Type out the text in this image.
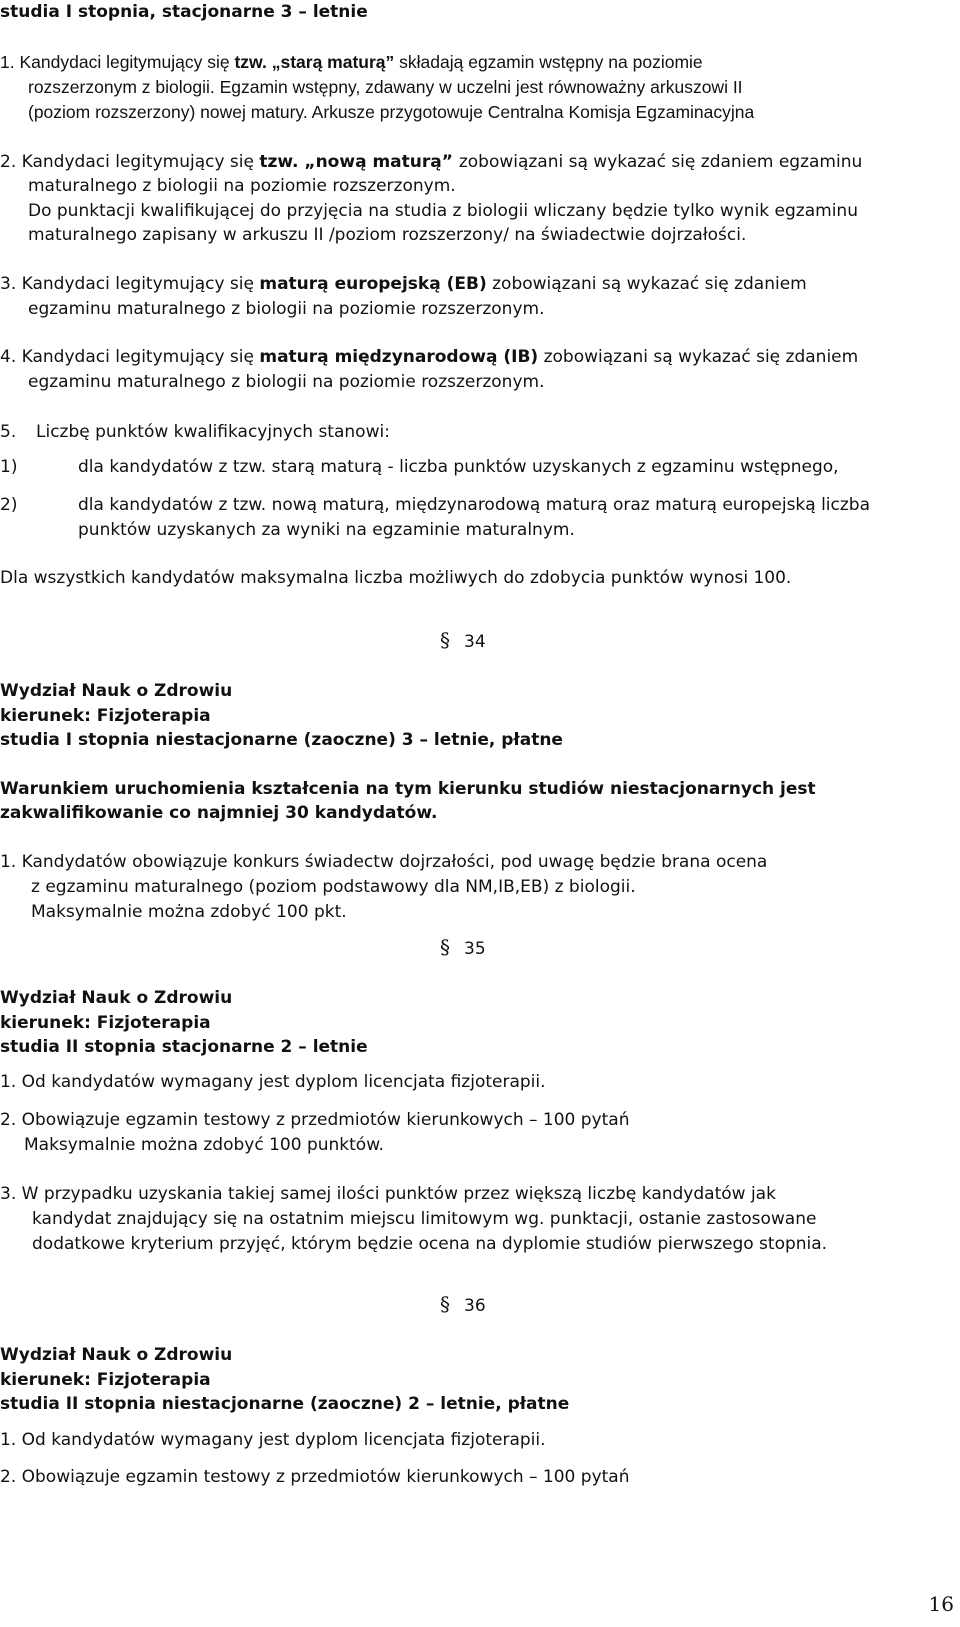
studia I stopnia, stacjonarne 3 – letnie
1. Kandydaci legitymujący się tzw. „starą maturą” składają egzamin wstępny na poziomie
rozszerzonym z biologii. Egzamin wstępny, zdawany w uczelni jest równoważny arkuszowi II
(poziom rozszerzony) nowej matury. Arkusze przygotowuje Centralna Komisja Egzaminacyjna
2. Kandydaci legitymujący się tzw. „nową maturą” zobowiązani są wykazać się zdaniem egzaminu
maturalnego z biologii na poziomie rozszerzonym.
Do punktacji kwalifikującej do przyjęcia na studia z biologii wliczany będzie tylko wynik egzaminu
maturalnego zapisany w arkuszu II /poziom rozszerzony/ na świadectwie dojrzałości.
3. Kandydaci legitymujący się maturą europejską (EB) zobowiązani są wykazać się zdaniem
egzaminu maturalnego z biologii na poziomie rozszerzonym.
4. Kandydaci legitymujący się maturą międzynarodową (IB) zobowiązani są wykazać się zdaniem
egzaminu maturalnego z biologii na poziomie rozszerzonym.
5. Liczbę punktów kwalifikacyjnych stanowi:
1)	dla kandydatów z tzw. starą maturą - liczba punktów uzyskanych z egzaminu wstępnego,
2)	dla kandydatów z tzw. nową maturą, międzynarodową maturą oraz maturą europejską liczba
punktów uzyskanych za wyniki na egzaminie maturalnym.
Dla wszystkich kandydatów maksymalna liczba możliwych do zdobycia punktów wynosi 100.
§ 34
Wydział Nauk o Zdrowiu
kierunek: Fizjoterapia
studia I stopnia niestacjonarne (zaoczne) 3 – letnie, płatne
Warunkiem uruchomienia kształcenia na tym kierunku studiów niestacjonarnych jest
zakwalifikowanie co najmniej 30 kandydatów.
1. Kandydatów obowiązuje konkurs świadectw dojrzałości, pod uwagę będzie brana ocena
z egzaminu maturalnego (poziom podstawowy dla NM,IB,EB) z biologii.
Maksymalnie można zdobyć 100 pkt.
§ 35
Wydział Nauk o Zdrowiu
kierunek: Fizjoterapia
studia II stopnia stacjonarne 2 – letnie
1. Od kandydatów wymagany jest dyplom licencjata fizjoterapii.
2. Obowiązuje egzamin testowy z przedmiotów kierunkowych – 100 pytań
Maksymalnie można zdobyć 100 punktów.
3. W przypadku uzyskania takiej samej ilości punktów przez większą liczbę kandydatów jak
kandydat znajdujący się na ostatnim miejscu limitowym wg. punktacji, ostanie zastosowane
dodatkowe kryterium przyjęć, którym będzie ocena na dyplomie studiów pierwszego stopnia.
§ 36
Wydział Nauk o Zdrowiu
kierunek: Fizjoterapia
studia II stopnia niestacjonarne (zaoczne) 2 – letnie, płatne
1. Od kandydatów wymagany jest dyplom licencjata fizjoterapii.
2. Obowiązuje egzamin testowy z przedmiotów kierunkowych – 100 pytań
16
